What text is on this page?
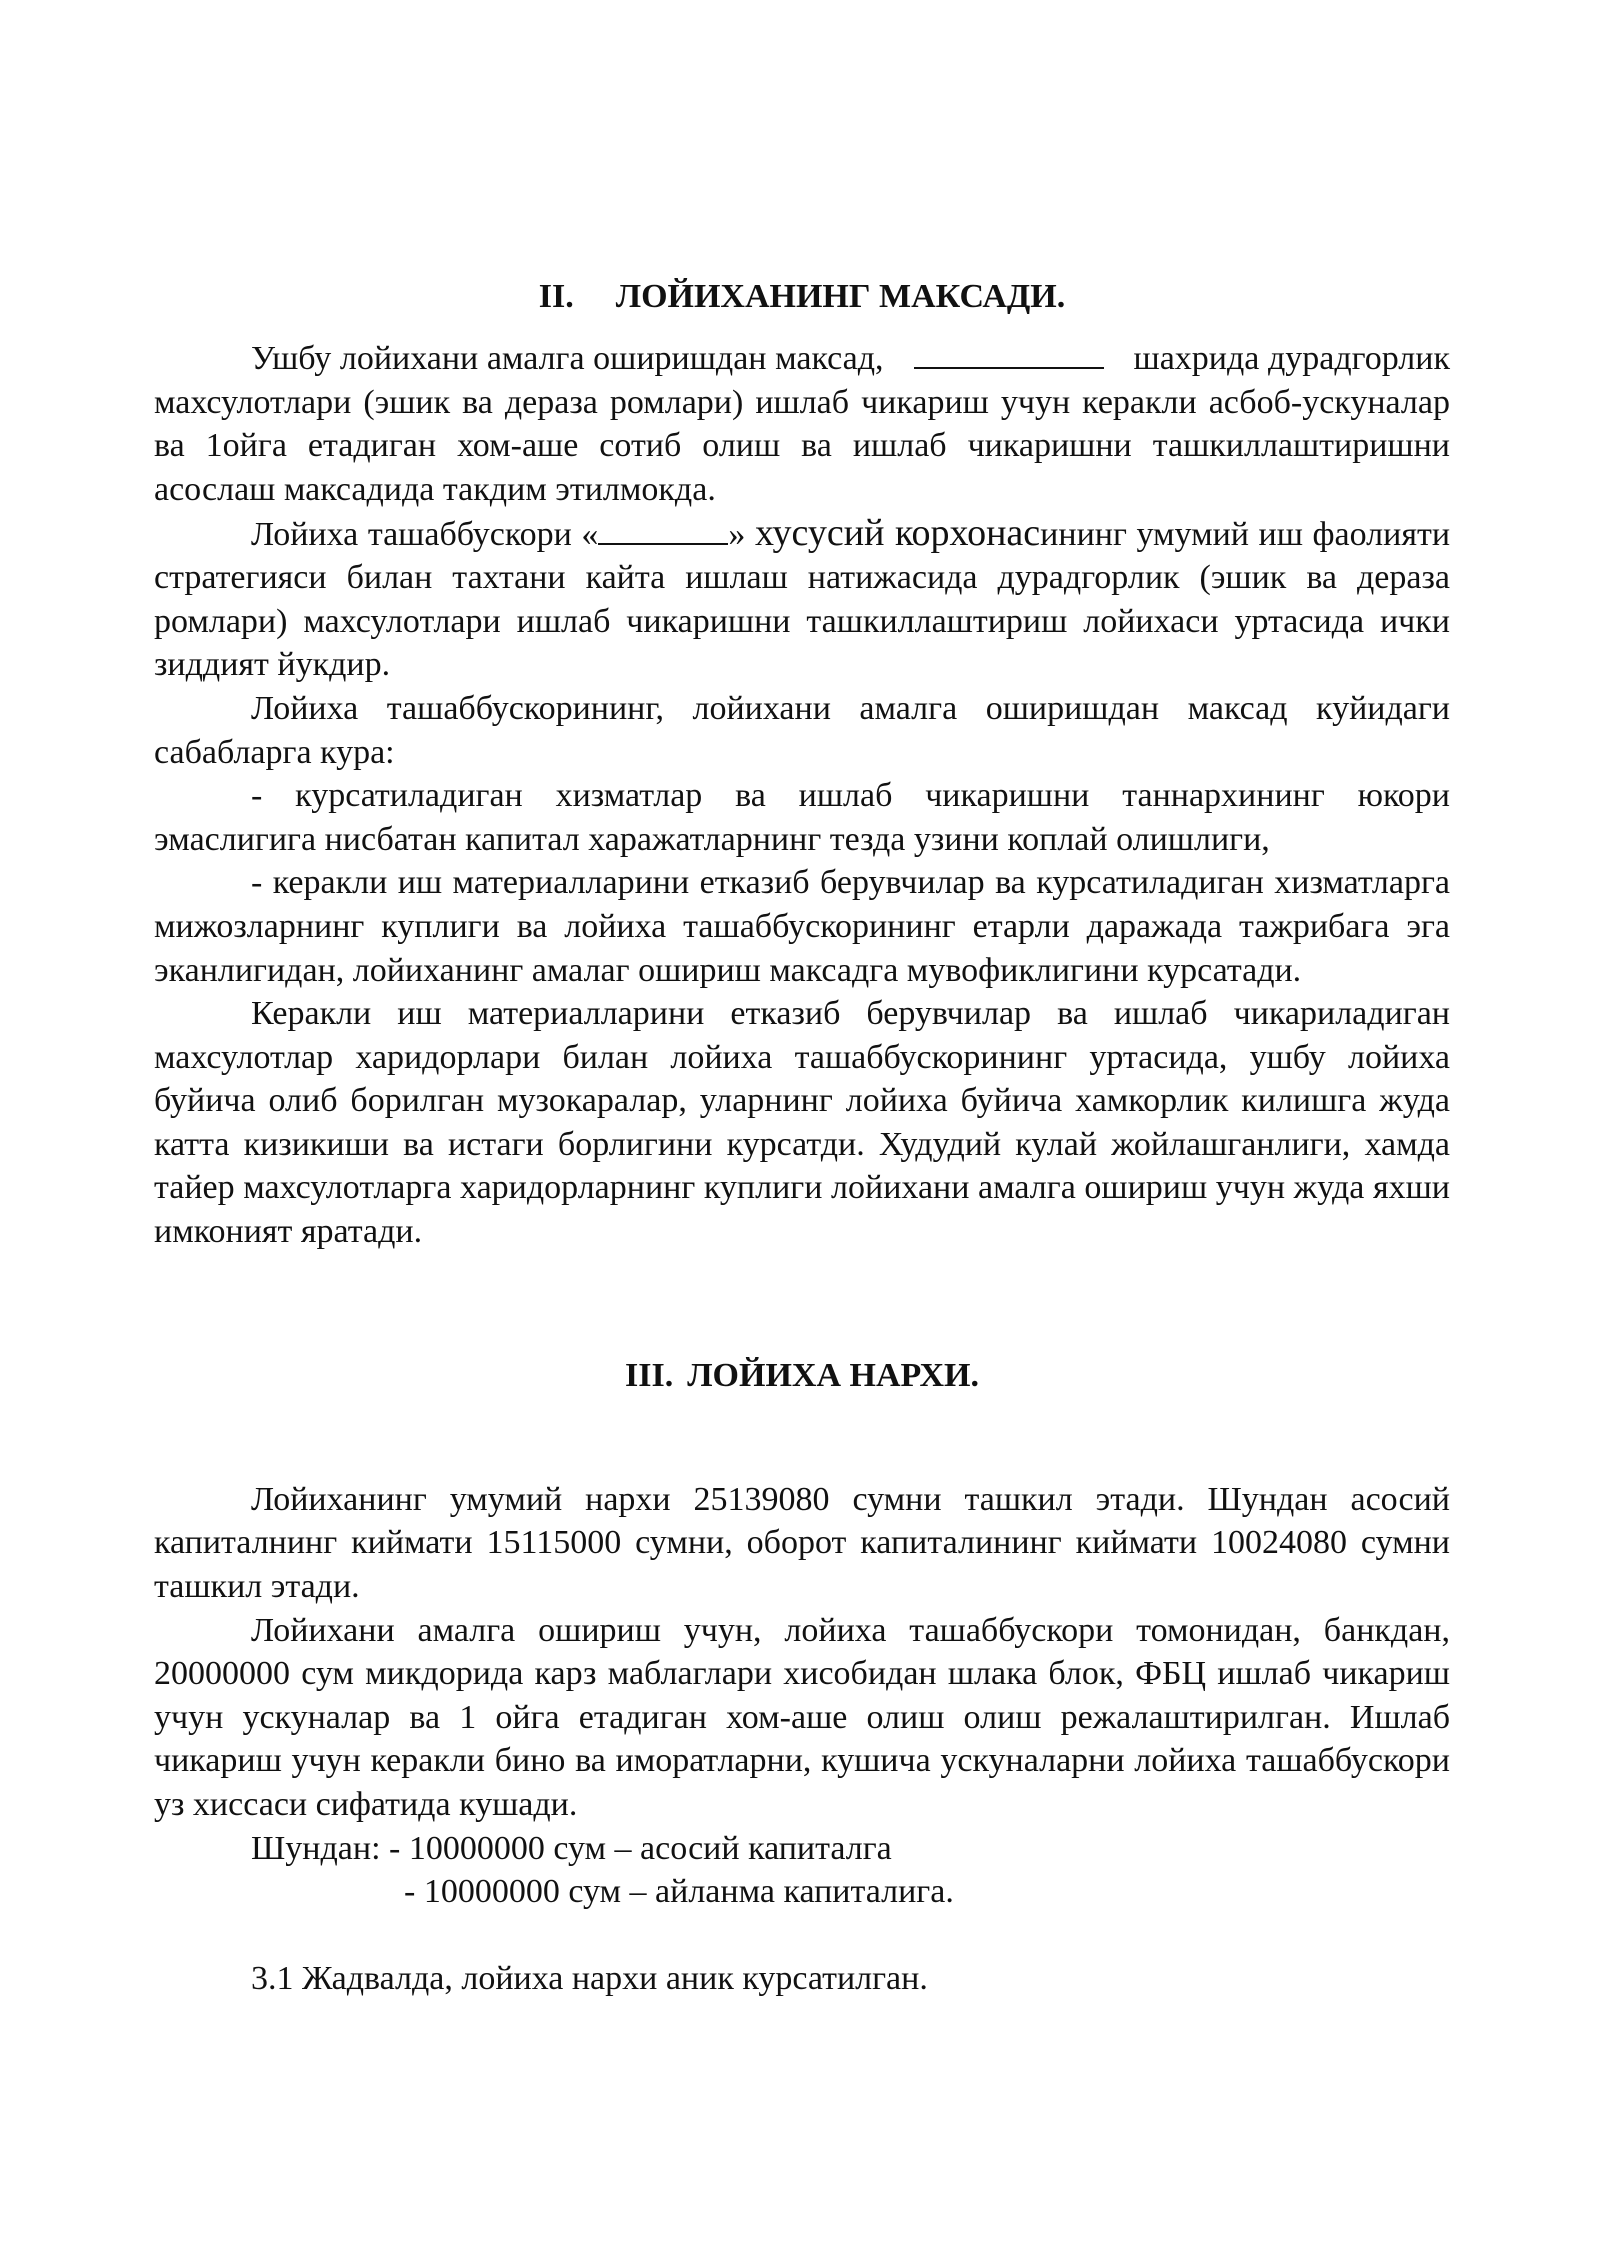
II. ЛОЙИХАНИНГ МАКСАДИ.

Ушбу лойихани амалга оширишдан максад,	шахрида дурадгорлик махсулотлари (эшик ва дераза ромлари) ишлаб чикариш учун керакли асбоб-ускуналар ва 1ойга етадиган хом-аше сотиб олиш ва ишлаб чикаришни ташкиллаштиришни асослаш максадида такдим этилмокда.

Лойиха ташаббускори «	» хусусий корхонасининг умумий иш фаолияти стратегияси билан тахтани кайта ишлаш натижасида дурадгорлик (эшик ва дераза ромлари) махсулотлари ишлаб чикаришни ташкиллаштириш лойихаси уртасида ички зиддият йукдир.

Лойиха ташаббускорининг, лойихани амалга оширишдан максад куйидаги сабабларга кура:

- курсатиладиган хизматлар ва ишлаб чикаришни таннархининг юкори эмаслигига нисбатан капитал харажатларнинг тезда узини коплай олишлиги,

- керакли иш материалларини етказиб берувчилар ва курсатиладиган хизматларга мижозларнинг куплиги ва лойиха ташаббускорининг етарли даражада тажрибага эга эканлигидан, лойиханинг амалаг ошириш максадга мувофиклигини курсатади.

Керакли иш материалларини етказиб берувчилар ва ишлаб чикариладиган махсулотлар харидорлари билан лойиха ташаббускорининг уртасида, ушбу лойиха буйича олиб борилган музокаралар, уларнинг лойиха буйича хамкорлик килишга жуда катта кизикиши ва истаги борлигини курсатди. Худудий кулай жойлашганлиги, хамда тайер махсулотларга харидорларнинг куплиги лойихани амалга ошириш учун жуда яхши имконият яратади.

III. ЛОЙИХА НАРХИ.

Лойиханинг умумий нархи 25139080 сумни ташкил этади. Шундан асосий капиталнинг киймати 15115000 сумни, оборот капиталининг киймати 10024080 сумни ташкил этади.

Лойихани амалга ошириш учун, лойиха ташаббускори томонидан, банкдан, 20000000 сум микдорида карз маблаглари хисобидан шлака блок, ФБЦ ишлаб чикариш учун ускуналар ва 1 ойга етадиган хом-аше олиш олиш режалаштирилган. Ишлаб чикариш учун керакли бино ва иморатларни, кушича ускуналарни лойиха ташаббускори уз хиссаси сифатида кушади.

Шундан: - 10000000 сум – асосий капиталга
- 10000000 сум – айланма капиталига.
3.1 Жадвалда, лойиха нархи аник курсатилган.
